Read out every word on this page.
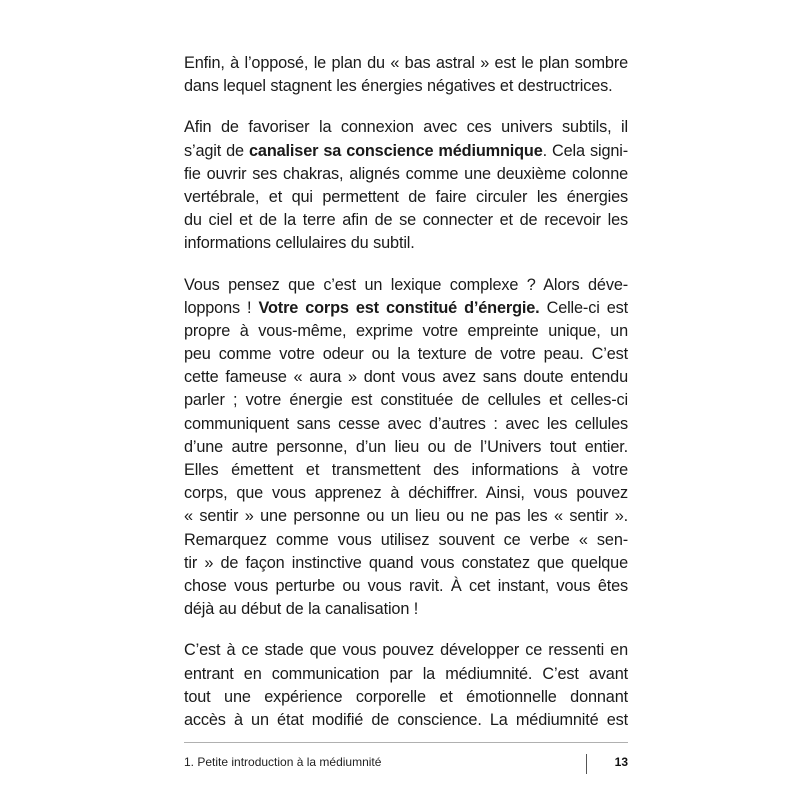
Enfin, à l’opposé, le plan du « bas astral » est le plan sombre
dans lequel stagnent les énergies négatives et destructrices.

Afin de favoriser la connexion avec ces univers subtils, il
s’agit de canaliser sa conscience médiumnique. Cela signi-
fie ouvrir ses chakras, alignés comme une deuxième colonne
vertébrale, et qui permettent de faire circuler les énergies
du ciel et de la terre afin de se connecter et de recevoir les
informations cellulaires du subtil.

Vous pensez que c’est un lexique complexe ? Alors déve-
loppons ! Votre corps est constitué d’énergie. Celle-ci est
propre à vous-même, exprime votre empreinte unique, un
peu comme votre odeur ou la texture de votre peau. C’est
cette fameuse « aura » dont vous avez sans doute entendu
parler ; votre énergie est constituée de cellules et celles-ci
communiquent sans cesse avec d’autres : avec les cellules
d’une autre personne, d’un lieu ou de l’Univers tout entier.
Elles émettent et transmettent des informations à votre
corps, que vous apprenez à déchiffrer. Ainsi, vous pouvez
« sentir » une personne ou un lieu ou ne pas les « sentir ».
Remarquez comme vous utilisez souvent ce verbe « sen-
tir » de façon instinctive quand vous constatez que quelque
chose vous perturbe ou vous ravit. À cet instant, vous êtes
déjà au début de la canalisation !

C’est à ce stade que vous pouvez développer ce ressenti en
entrant en communication par la médiumnité. C’est avant
tout une expérience corporelle et émotionnelle donnant
accès à un état modifié de conscience. La médiumnité est

1. Petite introduction à la médiumnité	13
